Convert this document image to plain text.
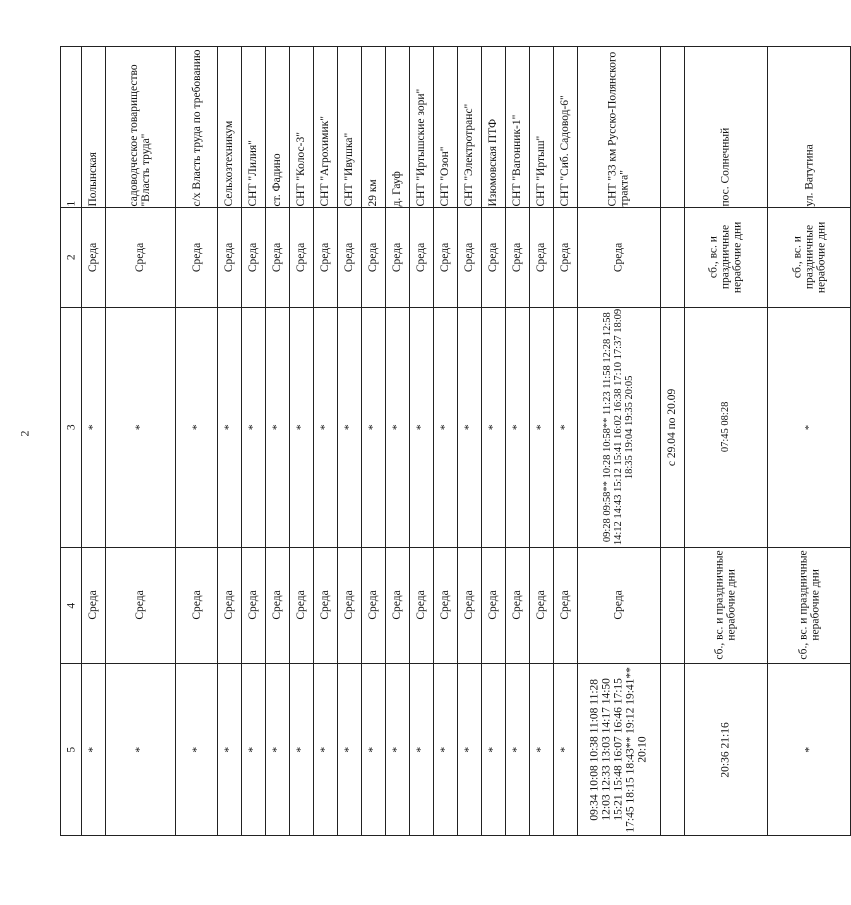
2
1	Полынская	садоводческое товарищество "Власть труда"	с/х Власть труда по требованию	Сельхозтехникум	СНТ "Лилия"	ст. Фадино	СНТ "Колос-3"	СНТ "Агрохимик"	СНТ "Ивушка"	29 км	д. Гауф	СНТ "Иртышские зори"	СНТ "Озон"	СНТ "Электротранс"	Изюмовская ПТФ	СНТ "Вагонник-1"	СНТ "Иртыш"	СНТ "Сиб. Садовод-6"	СНТ "33 км Русско-Полянского тракта"		пос. Солнечный	ул. Ватутина
2	Среда	Среда	Среда	Среда	Среда	Среда	Среда	Среда	Среда	Среда	Среда	Среда	Среда	Среда	Среда	Среда	Среда	Среда	Среда		сб., вс. и праздничные нерабочие дни	сб., вс. и праздничные нерабочие дни
3	*	*	*	*	*	*	*	*	*	*	*	*	*	*	*	*	*	*	09:28 09:58** 10:28 10:58** 11:23 11:58 12:28 12:58 14:12 14:43 15:12 15:41 16:02 16:38 17:10 17:37 18:09 18:35 19:04 19:35 20:05	с 29.04 по 20.09	07:45 08:28	*
4	Среда	Среда	Среда	Среда	Среда	Среда	Среда	Среда	Среда	Среда	Среда	Среда	Среда	Среда	Среда	Среда	Среда	Среда	Среда		сб., вс. и праздничные нерабочие дни	сб., вс. и праздничные нерабочие дни
5	*	*	*	*	*	*	*	*	*	*	*	*	*	*	*	*	*	*	09:34 10:08 10:38 11:08 11:28 12:03 12:33 13:03 14:17 14:50 15:21 15:48 16:07 16:46 17:15 17:45 18:15 18:43** 19:12 19:41** 20:10		20:36 21:16	*
